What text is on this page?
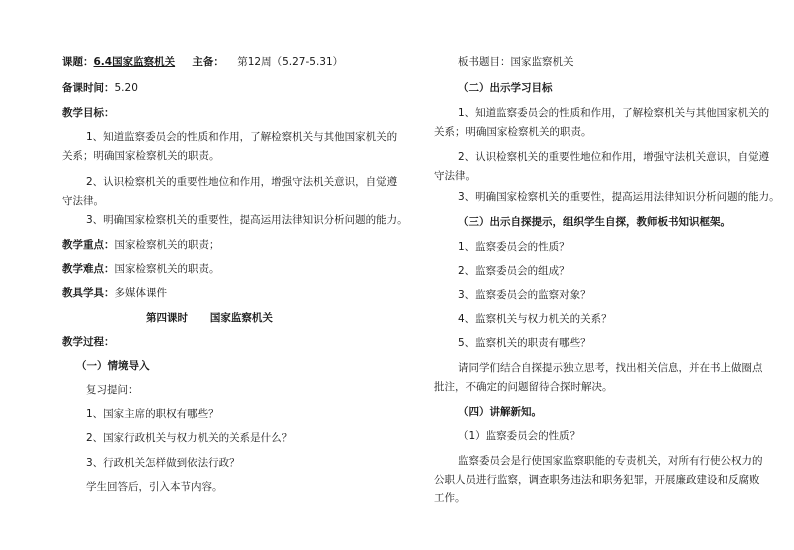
课题：6.4国家监察机关 主备： 第12周（5.27-5.31）
备课时间：5.20
教学目标：
1、知道监察委员会的性质和作用，了解检察机关与其他国家机关的
关系；明确国家检察机关的职责。
2、认识检察机关的重要性地位和作用，增强守法机关意识，自觉遵
守法律。
3、明确国家检察机关的重要性，提高运用法律知识分析问题的能力。
教学重点：国家检察机关的职责；
教学难点：国家检察机关的职责。
教具学具：多媒体课件
第四课时      国家监察机关
教学过程：
（一）情境导入
复习提问：
1、国家主席的职权有哪些？
2、国家行政机关与权力机关的关系是什么？
3、行政机关怎样做到依法行政？
学生回答后，引入本节内容。
板书题目：国家监察机关
（二）出示学习目标
1、知道监察委员会的性质和作用，了解检察机关与其他国家机关的
关系；明确国家检察机关的职责。
2、认识检察机关的重要性地位和作用，增强守法机关意识，自觉遵
守法律。
3、明确国家检察机关的重要性，提高运用法律知识分析问题的能力。
（三）出示自探提示，组织学生自探，教师板书知识框架。
1、监察委员会的性质？
2、监察委员会的组成？
3、监察委员会的监察对象？
4、监察机关与权力机关的关系？
5、监察机关的职责有哪些？
请同学们结合自探提示独立思考，找出相关信息，并在书上做圈点
批注，不确定的问题留待合探时解决。
（四）讲解新知。
（1）监察委员会的性质？
监察委员会是行使国家监察职能的专责机关，对所有行使公权力的
公职人员进行监察，调查职务违法和职务犯罪，开展廉政建设和反腐败
工作。
